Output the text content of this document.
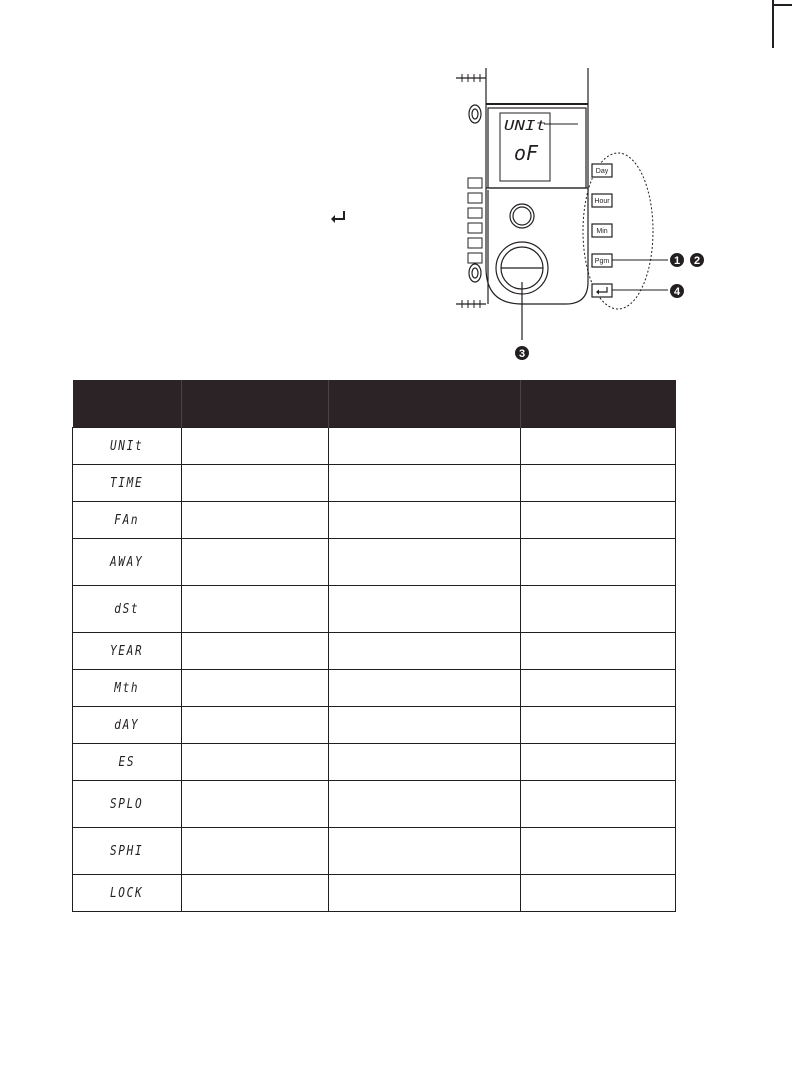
UNIt
oF
Day
Hour
Min
Pgm	1 2
4
3

UNIt			
TIME			
FAn			
AWAY			
dSt			
YEAR			
Mth			
dAY			
ES			
SPLO			
SPHI			
LOCK			
